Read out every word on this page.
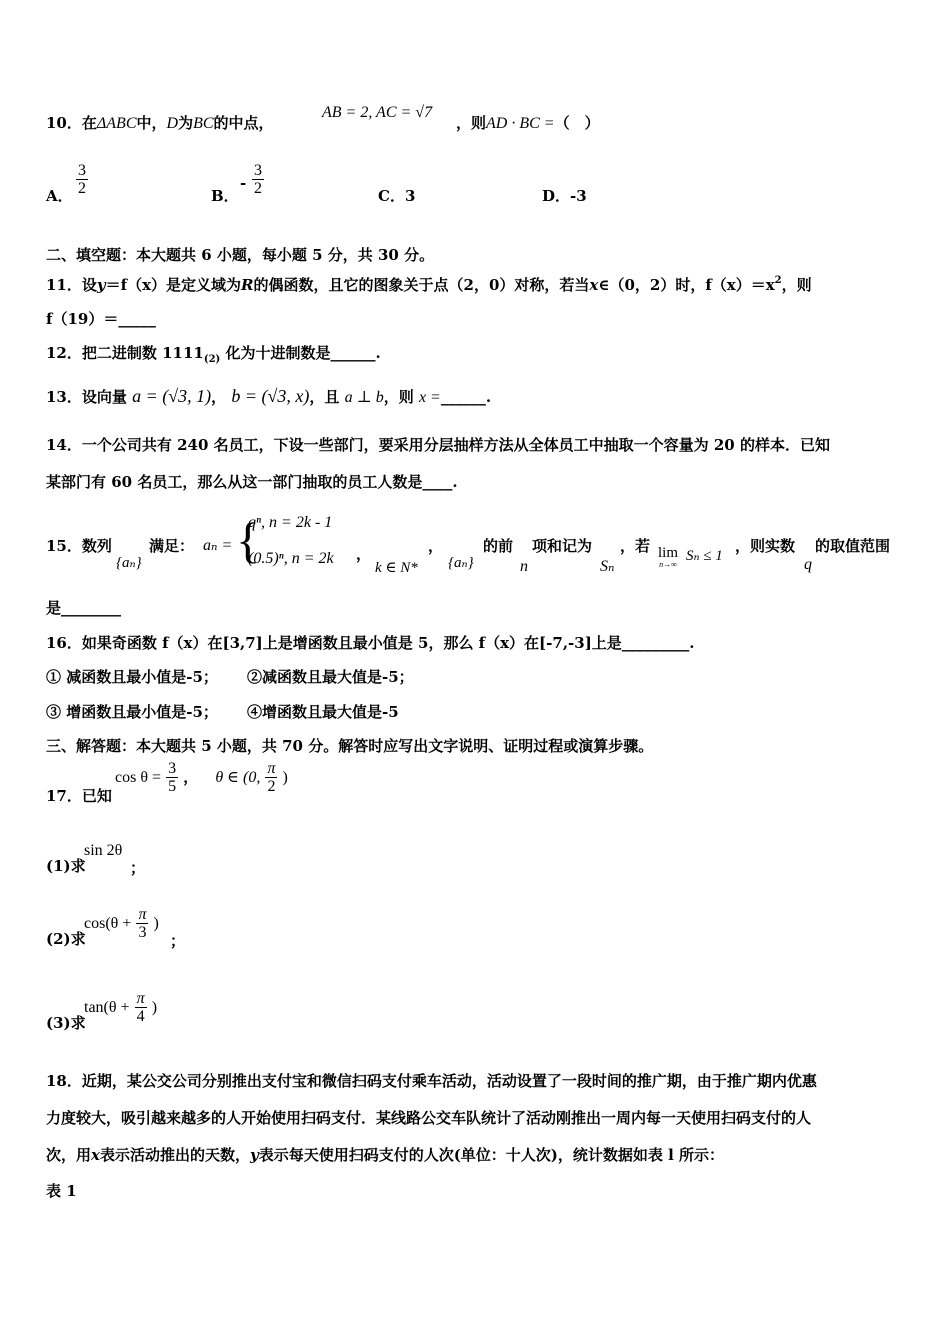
10．在ΔABC中，D为BC的中点，
AB = 2, AC = √7
，则AD · BC =（　）
A． $\frac{3}{2}$	B．
- $\frac{3}{2}$	C．3	D．-3
二、填空题：本大题共 6 小题，每小题 5 分，共 30 分。
11．设y＝f（x）是定义域为R的偶函数，且它的图象关于点（2，0）对称，若当x∈（0，2）时，$f(x)=x^2$，则
f（19）＝_____
12．把二进制数 $1111_{(2)}$ 化为十进制数是______.
13．设向量 a = (√3, 1)， b = (√3, x)，且 a ⊥ b，则 x =______.
14．一个公司共有 240 名员工，下设一些部门，要采用分层抽样方法从全体员工中抽取一个容量为 20 的样本．已知
某部门有 60 名员工，那么从这一部门抽取的员工人数是____.
15．数列
{aₙ}
满足： aₙ = {
qⁿ, n = 2k - 1
(0.5)ⁿ, n = 2k ，
k ∈ N*
，
{aₙ}
的前
n
项和记为
Sₙ
，若 lim
n→∞
Sₙ ≤ 1
，则实数
q
的取值范围
是________
16．如果奇函数 f（x）在[3,7]上是增函数且最小值是 5，那么 f（x）在[-7,-3]上是_________.
① 减函数且最小值是-5； ②减函数且最大值是-5；
③ 增函数且最小值是-5； ④增函数且最大值是-5
三、解答题：本大题共 5 小题，共 70 分。解答时应写出文字说明、证明过程或演算步骤。
17．已知
$\cos \theta = \frac{3}{5}$ ， θ ∈ (0, $\frac{\pi}{2}$ )
(1)求
sin 2θ
；
(2)求
$\cos(\theta + \frac{\pi}{3}$ )
；
(3)求
$\tan(\theta + \frac{\pi}{4}$ )
18．近期，某公交公司分别推出支付宝和微信扫码支付乘车活动，活动设置了一段时间的推广期，由于推广期内优惠
力度较大，吸引越来越多的人开始使用扫码支付．某线路公交车队统计了活动刚推出一周内每一天使用扫码支付的人
次，用x表示活动推出的天数，y表示每天使用扫码支付的人次(单位：十人次)，统计数据如表 l 所示：
表 1
